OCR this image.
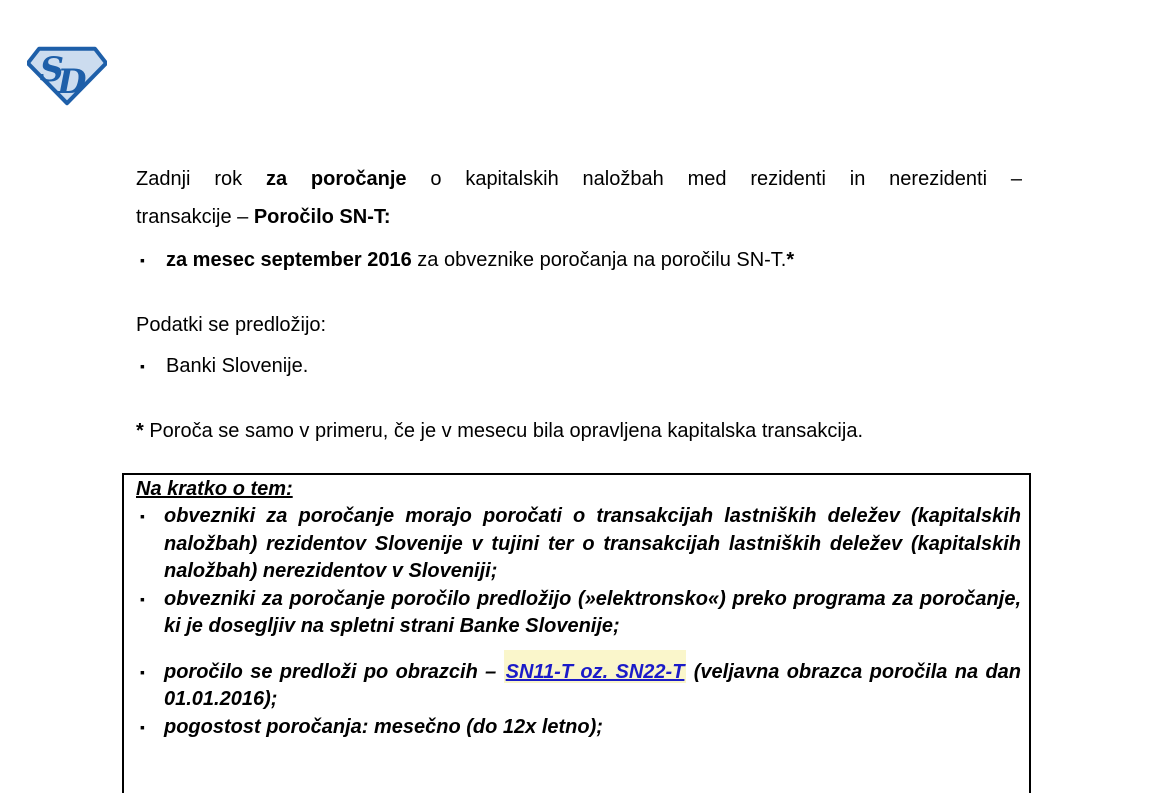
S
D
Zadnji rok za poročanje o kapitalskih naložbah med rezidenti in nerezidenti –
transakcije – Poročilo SN-T:
▪ za mesec september 2016 za obveznike poročanja na poročilu SN-T.*
Podatki se predložijo:
▪ Banki Slovenije.
* Poroča se samo v primeru, če je v mesecu bila opravljena kapitalska transakcija.
Na kratko o tem:
▪ obvezniki za poročanje morajo poročati o transakcijah lastniških deležev (kapitalskih naložbah) rezidentov Slovenije v tujini ter o transakcijah lastniških deležev (kapitalskih naložbah) nerezidentov v Sloveniji;
▪ obvezniki za poročanje poročilo predložijo (»elektronsko«) preko programa za poročanje, ki je dosegljiv na spletni strani Banke Slovenije;
▪ poročilo se predloži po obrazcih – SN11-T oz. SN22-T (veljavna obrazca poročila na dan 01.01.2016);
▪ pogostost poročanja: mesečno (do 12x letno);
